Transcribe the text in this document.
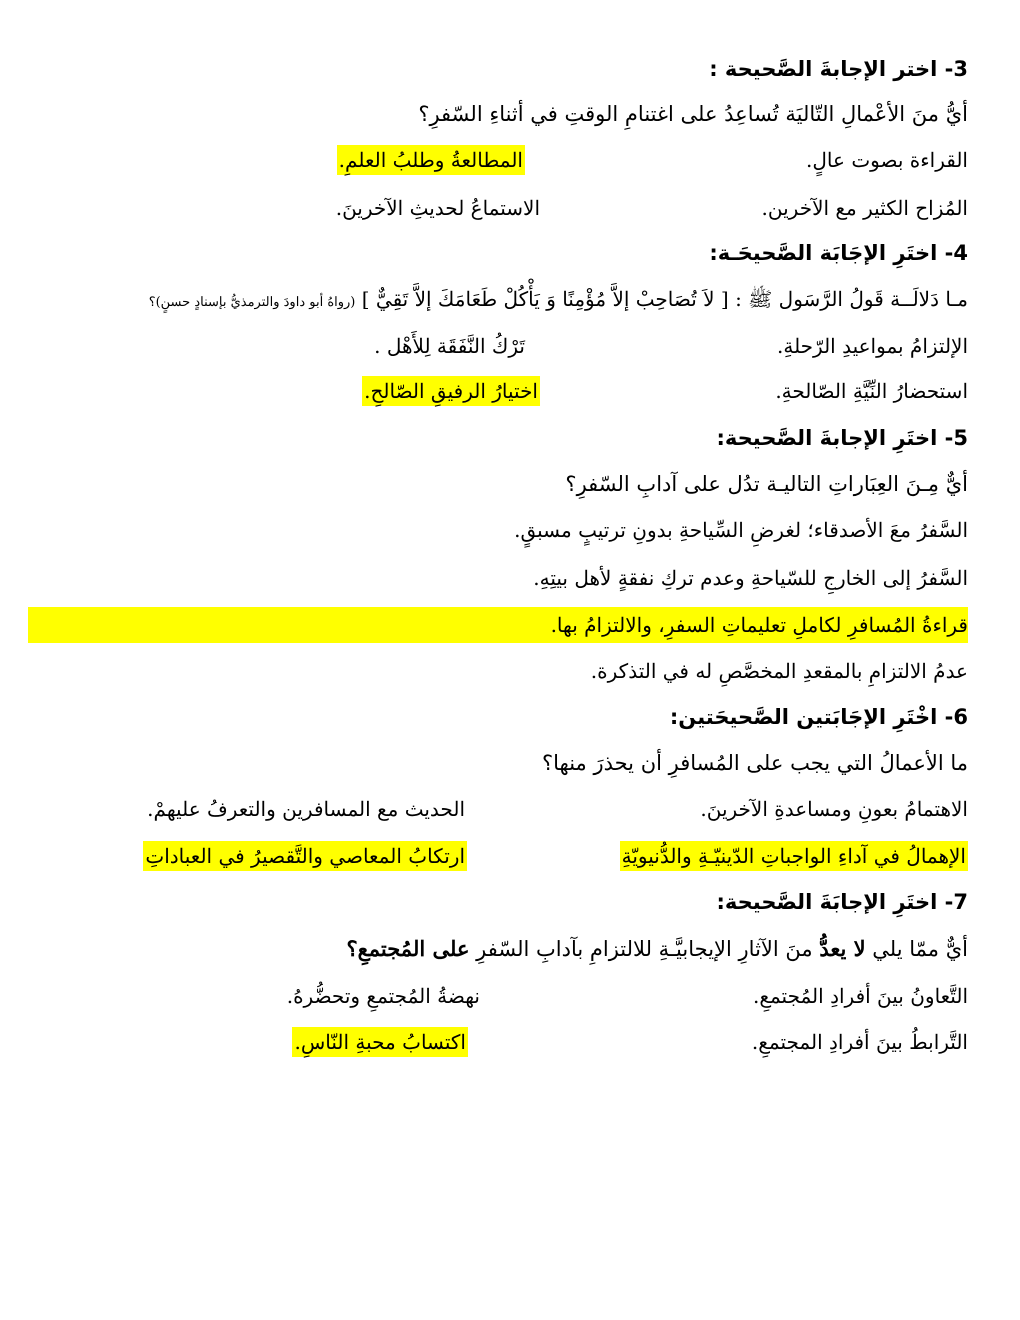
3- اختر الإجابةَ الصَّحيحة :
أيُّ منَ الأعْمالِ التّاليَة تُساعِدُ على اغتنامِ الوقتِ في أثناءِ السّفرِ؟
القراءة بصوت عالٍ.
المطالعةُ وطلبُ العلمِ.
المُزاح الكثير مع الآخرين.
الاستماعُ لحديثِ الآخرينَ.
4- اختَرِ الإجَابَة الصَّحيحَـة:
مـا دَلالَــة قَولُ الرَّسَول ﷺ : [ لاَ تُصَاحِبْ إلاَّ مُؤْمِنًا وَ يَأْكُلْ طَعَامَكَ إلاَّ تَقِيٌّ ] (رواهُ أبو داودَ والترمذيُّ بإسنادٍ حسنٍ)؟
الإلتزامُ بمواعيدِ الرّحلةِ.
تَرْكُ النَّفَقَة لِلأَهْل .
استحضارُ النِّيَّةِ الصّالحةِ.
اختيارُ الرفيقِ الصّالحِ.
5- اختَرِ الإجابةَ الصَّحيحة:
أيٌّ مِـنَ العِبَاراتِ التاليـة تدُل على آدابِ السّفرِ؟
السَّفرُ معَ الأصدقاء؛ لغرضِ السِّياحةِ بدونِ ترتيبٍ مسبقٍ.
السَّفرُ إلى الخارجِ للسّياحةِ وعدم تركِ نفقةٍ لأهل بيتِهِ.
قراءةُ المُسافرِ لكاملِ تعليماتِ السفرِ، والالتزامُ بها.
عدمُ الالتزامِ بالمقعدِ المخصَّصِ له في التذكرة.
6- اخْتَرِ الإجَابَتين الصَّحيحَتين:
ما الأعمالُ التي يجب على المُسافرِ أن يحذرَ منها؟
الاهتمامُ بعونِ ومساعدةِ الآخرينَ.
الحديث مع المسافرين والتعرفُ عليهمْ.
الإهمالُ في آداءِ الواجباتِ الدّينيّـةِ والدُّنيويّةِ
ارتكابُ المعاصي والتَّقصيرُ في العباداتِ
7- اختَرِ الإجابَةَ الصَّحيحة:
أيٌّ ممّا يلي لا يعدُّ منَ الآثارِ الإيجابيَّـةِ للالتزامِ بآدابِ السّفرِ على المُجتمعِ؟
التَّعاونُ بينَ أفرادِ المُجتمعِ.
نهضةُ المُجتمعِ وتحضُّرهُ.
التَّرابطُ بينَ أفرادِ المجتمعِ.
اكتسابُ محبةِ النّاسِ.
